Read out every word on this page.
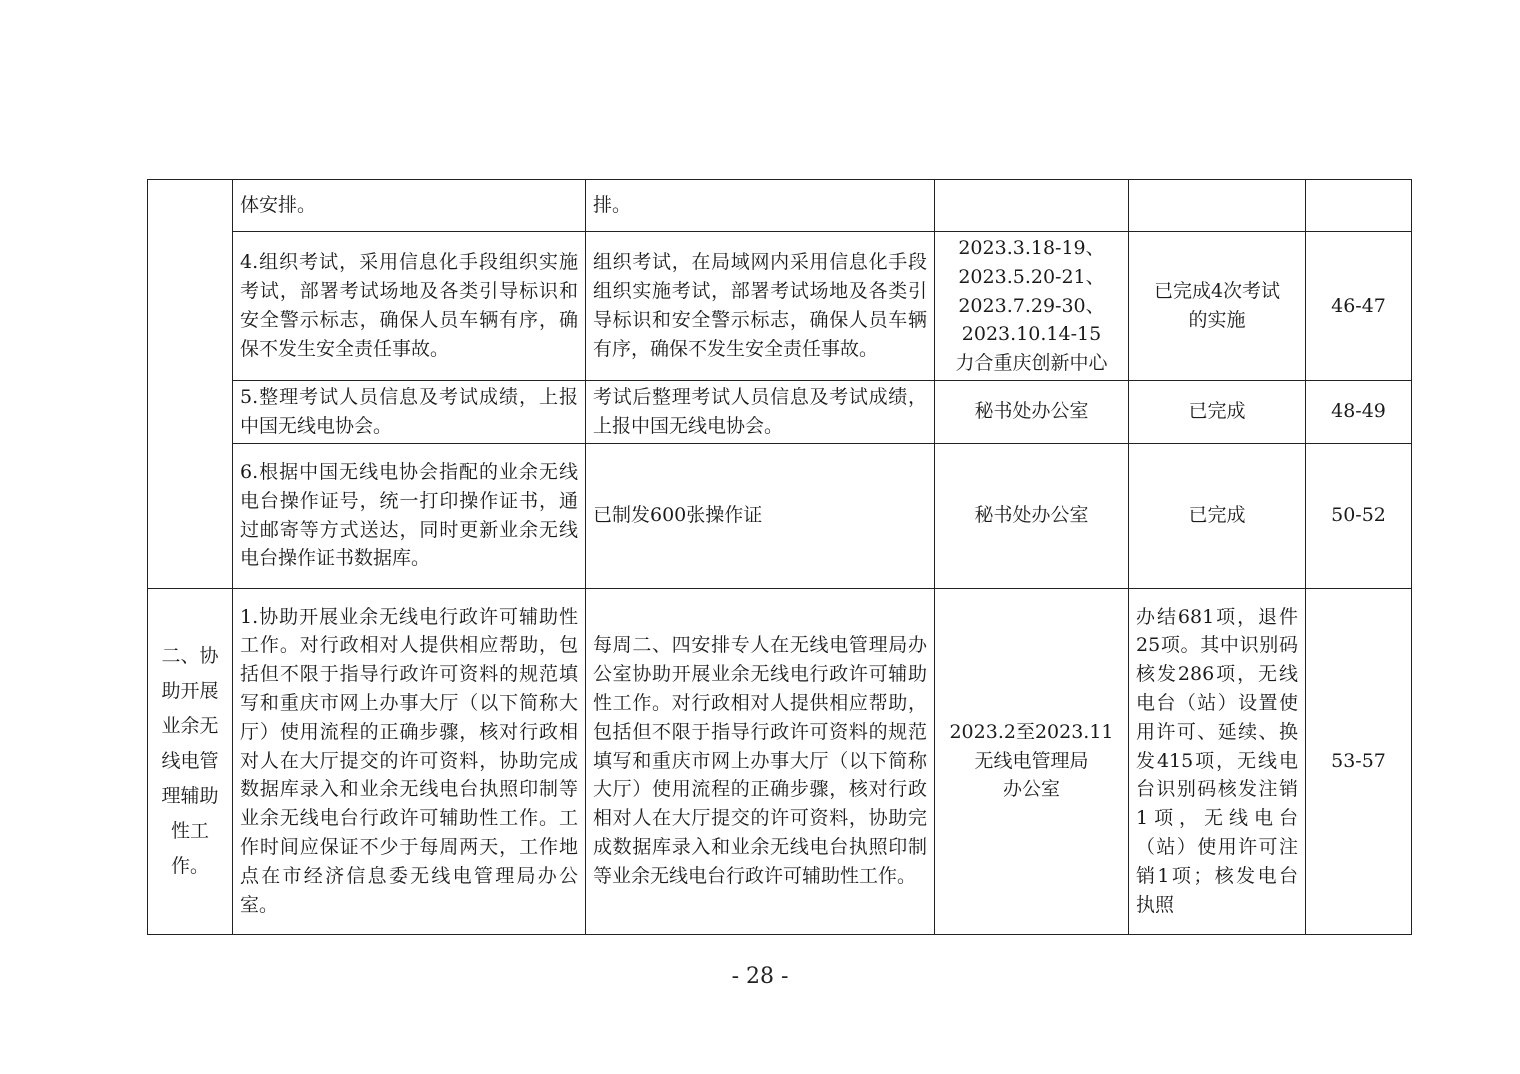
	体安排。	排。			
	4.组织考试，采用信息化手段组织实施考试，部署考试场地及各类引导标识和安全警示标志，确保人员车辆有序，确保不发生安全责任事故。	组织考试，在局域网内采用信息化手段组织实施考试，部署考试场地及各类引导标识和安全警示标志，确保人员车辆有序，确保不发生安全责任事故。	2023.3.18-19、
2023.5.20-21、
2023.7.29-30、
2023.10.14-15
力合重庆创新中心	已完成4次考试的实施	46-47
	5.整理考试人员信息及考试成绩，上报中国无线电协会。	考试后整理考试人员信息及考试成绩，上报中国无线电协会。	秘书处办公室	已完成	48-49
	6.根据中国无线电协会指配的业余无线电台操作证号，统一打印操作证书，通过邮寄等方式送达，同时更新业余无线电台操作证书数据库。	已制发600张操作证	秘书处办公室	已完成	50-52
二、协助开展业余无线电管理辅助性工作。	1.协助开展业余无线电行政许可辅助性工作。对行政相对人提供相应帮助，包括但不限于指导行政许可资料的规范填写和重庆市网上办事大厅（以下简称大厅）使用流程的正确步骤，核对行政相对人在大厅提交的许可资料，协助完成数据库录入和业余无线电台执照印制等业余无线电台行政许可辅助性工作。工作时间应保证不少于每周两天，工作地点在市经济信息委无线电管理局办公室。	每周二、四安排专人在无线电管理局办公室协助开展业余无线电行政许可辅助性工作。对行政相对人提供相应帮助，包括但不限于指导行政许可资料的规范填写和重庆市网上办事大厅（以下简称大厅）使用流程的正确步骤，核对行政相对人在大厅提交的许可资料，协助完成数据库录入和业余无线电台执照印制等业余无线电台行政许可辅助性工作。	2023.2至2023.11
无线电管理局
办公室	办结681项，退件25项。其中识别码核发286项，无线电台（站）设置使用许可、延续、换发415项，无线电台识别码核发注销1项，无线电台（站）使用许可注销1项；核发电台执照	53-57
- 28 -
